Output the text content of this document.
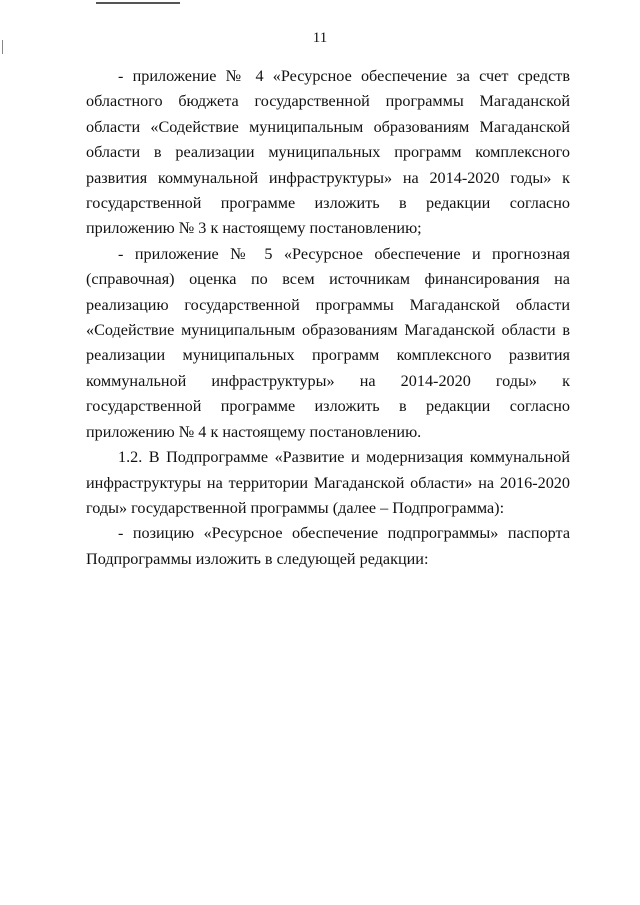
11

- приложение № 4 «Ресурсное обеспечение за счет средств областного бюджета государственной программы Магаданской области «Содействие муниципальным образованиям Магаданской области в реализации муниципальных программ комплексного развития коммунальной инфраструктуры» на 2014-2020 годы» к государственной программе изложить в редакции согласно приложению № 3 к настоящему постановлению;

- приложение № 5 «Ресурсное обеспечение и прогнозная (справочная) оценка по всем источникам финансирования на реализацию государственной программы Магаданской области «Содействие муниципальным образованиям Магаданской области в реализации муниципальных программ комплексного развития коммунальной инфраструктуры» на 2014-2020 годы» к государственной программе изложить в редакции согласно приложению № 4 к настоящему постановлению.

1.2. В Подпрограмме «Развитие и модернизация коммунальной инфраструктуры на территории Магаданской области» на 2016-2020 годы» государственной программы (далее – Подпрограмма):

- позицию «Ресурсное обеспечение подпрограммы» паспорта Подпрограммы изложить в следующей редакции:
